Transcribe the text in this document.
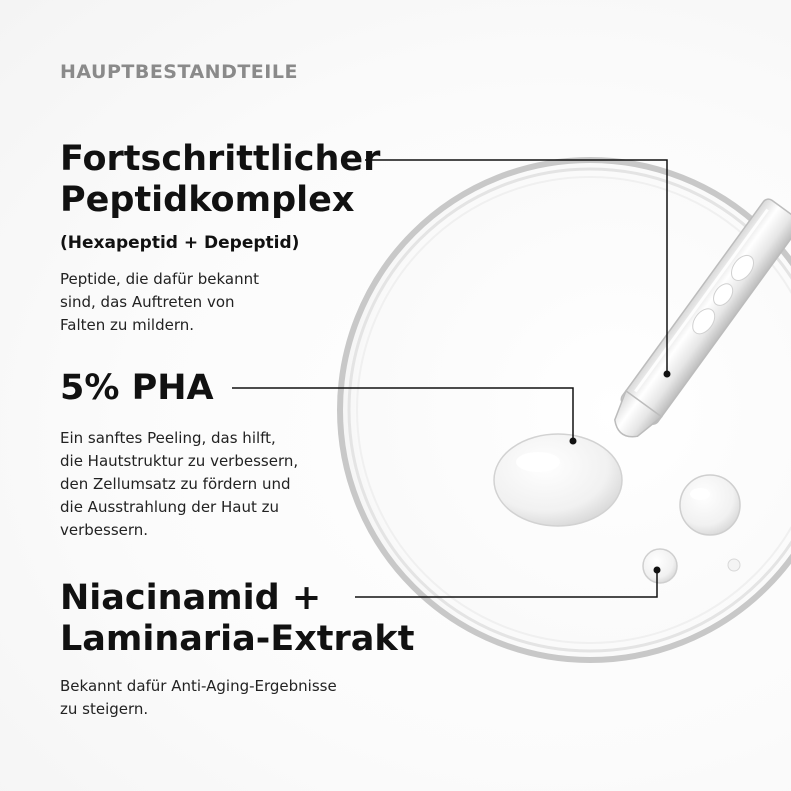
HAUPTBESTANDTEILE
Fortschrittlicher
Peptidkomplex
(Hexapeptid + Depeptid)
Peptide, die dafür bekannt
sind, das Auftreten von
Falten zu mildern.
5% PHA
Ein sanftes Peeling, das hilft,
die Hautstruktur zu verbessern,
den Zellumsatz zu fördern und
die Ausstrahlung der Haut zu
verbessern.
Niacinamid +
Laminaria-Extrakt
Bekannt dafür Anti-Aging-Ergebnisse
zu steigern.
